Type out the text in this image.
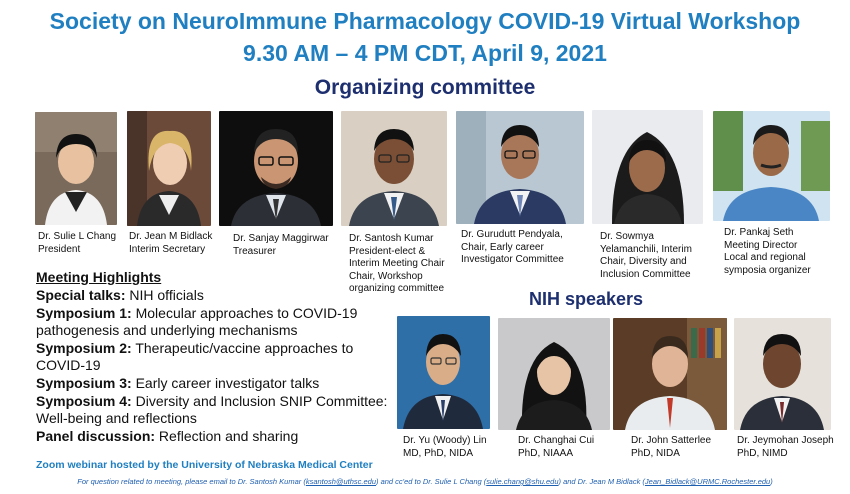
Society on NeuroImmune Pharmacology COVID-19 Virtual Workshop
9.30 AM – 4 PM CDT, April 9, 2021
Organizing committee
Dr. Sulie L Chang
President
Dr. Jean M Bidlack
Interim Secretary
Dr. Sanjay Maggirwar
Treasurer
Dr. Santosh Kumar
President-elect &
Interim Meeting Chair
Chair, Workshop
organizing committee
Dr. Gurudutt Pendyala,
Chair, Early career
Investigator Committee
Dr. Sowmya
Yelamanchili, Interim
Chair, Diversity and
Inclusion Committee
Dr. Pankaj Seth
Meeting Director
Local and regional
symposia organizer
Meeting Highlights
Special talks: NIH officials
Symposium 1: Molecular approaches to COVID-19 pathogenesis and underlying mechanisms
Symposium 2: Therapeutic/vaccine approaches to COVID-19
Symposium 3: Early career investigator talks
Symposium 4: Diversity and Inclusion SNIP Committee: Well-being and reflections
Panel discussion: Reflection and sharing
NIH speakers
Dr. Yu (Woody) Lin
MD, PhD, NIDA
Dr. Changhai Cui
PhD, NIAAA
Dr. John Satterlee
PhD, NIDA
Dr. Jeymohan Joseph
PhD, NIMD
Zoom webinar hosted by the University of Nebraska Medical Center
For question related to meeting, please email to Dr. Santosh Kumar (ksantosh@uthsc.edu) and cc'ed to Dr. Sulie L Chang (sulie.chang@shu.edu) and Dr. Jean M Bidlack (Jean_Bidlack@URMC.Rochester.edu)
